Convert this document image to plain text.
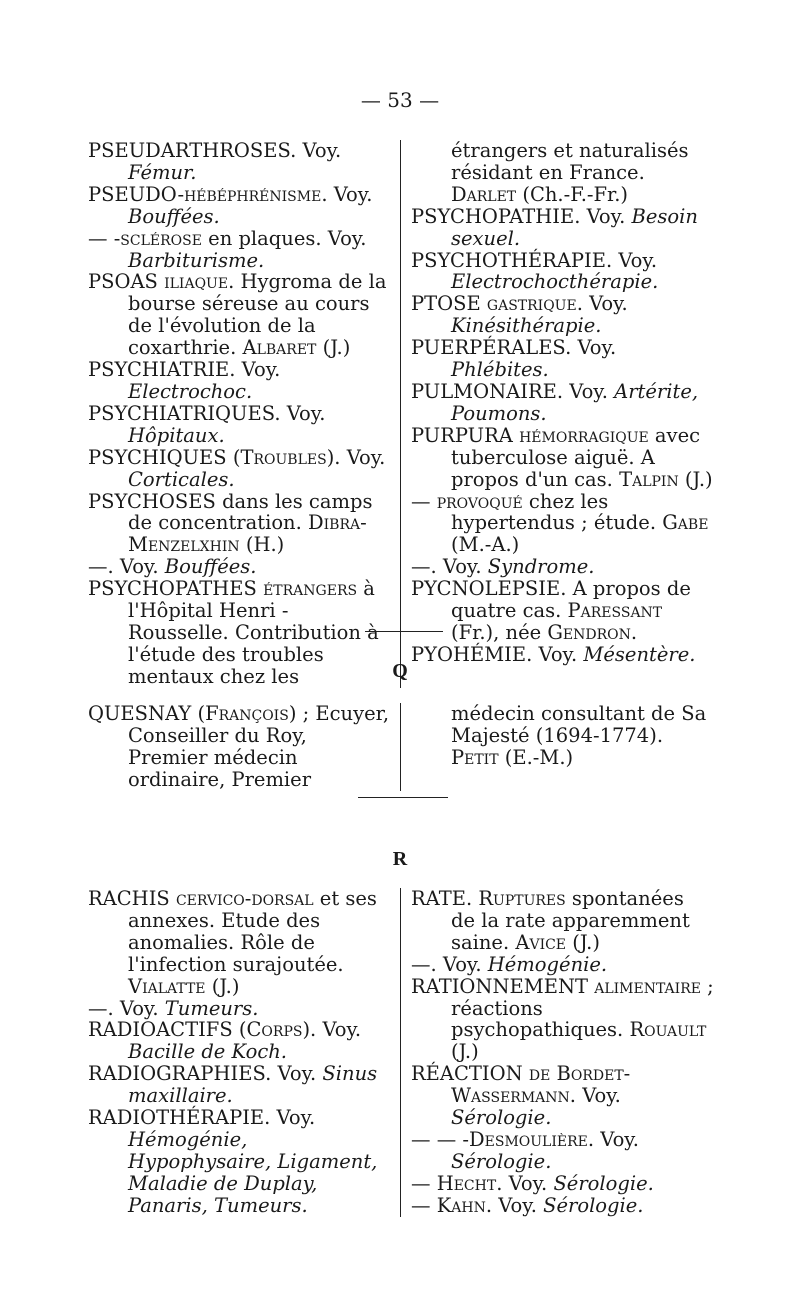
— 53 —
PSEUDARTHROSES. Voy. Fémur.
PSEUDO-hébéphrénisme. Voy. Bouffées.
— -sclérose en plaques. Voy. Barbiturisme.
PSOAS iliaque. Hygroma de la bourse séreuse au cours de l'évolution de la coxarthrie. Albaret (J.)
PSYCHIATRIE. Voy. Electrochoc.
PSYCHIATRIQUES. Voy. Hôpitaux.
PSYCHIQUES (Troubles). Voy. Corticales.
PSYCHOSES dans les camps de concentration. Dibra-Menzelxhin (H.)
—. Voy. Bouffées.
PSYCHOPATHES étrangers à l'Hôpital Henri - Rousselle. Contribution à l'étude des troubles mentaux chez les
étrangers et naturalisés résidant en France. Darlet (Ch.-F.-Fr.)
PSYCHOPATHIE. Voy. Besoin sexuel.
PSYCHOTHÉRAPIE. Voy. Electrochocthérapie.
PTOSE gastrique. Voy. Kinésithérapie.
PUERPÉRALES. Voy. Phlébites.
PULMONAIRE. Voy. Artérite, Poumons.
PURPURA hémorragique avec tuberculose aiguë. A propos d'un cas. Talpin (J.)
— provoqué chez les hypertendus ; étude. Gabe (M.-A.)
—. Voy. Syndrome.
PYCNOLEPSIE. A propos de quatre cas. Paressant (Fr.), née Gendron.
PYOHÉMIE. Voy. Mésentère.
Q
QUESNAY (François) ; Ecuyer, Conseiller du Roy, Premier médecin ordinaire, Premier
médecin consultant de Sa Majesté (1694-1774). Petit (E.-M.)
R
RACHIS cervico-dorsal et ses annexes. Etude des anomalies. Rôle de l'infection surajoutée. Vialatte (J.)
—. Voy. Tumeurs.
RADIOACTIFS (Corps). Voy. Bacille de Koch.
RADIOGRAPHIES. Voy. Sinus maxillaire.
RADIOTHÉRAPIE. Voy. Hémogénie, Hypophysaire, Ligament, Maladie de Duplay, Panaris, Tumeurs.
RATE. Ruptures spontanées de la rate apparemment saine. Avice (J.)
—. Voy. Hémogénie.
RATIONNEMENT alimentaire ; réactions psychopathiques. Rouault (J.)
RÉACTION de Bordet-Wassermann. Voy. Sérologie.
— — -Desmoulière. Voy. Sérologie.
— Hecht. Voy. Sérologie.
— Kahn. Voy. Sérologie.
